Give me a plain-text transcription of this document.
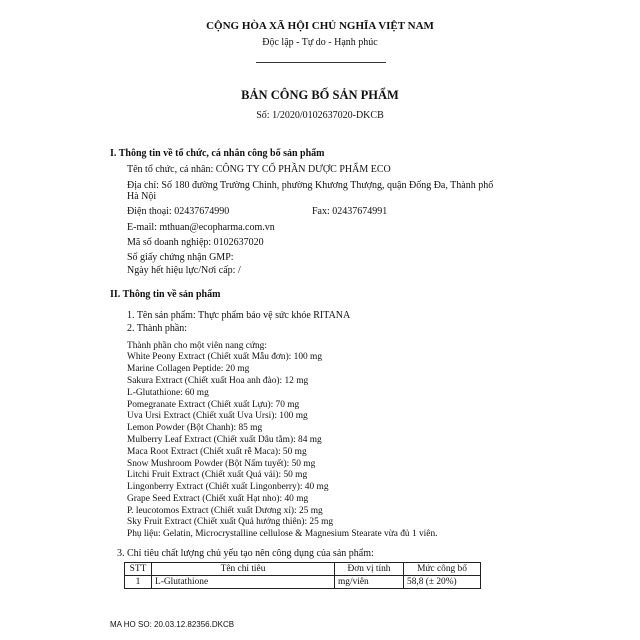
CỘNG HÒA XÃ HỘI CHỦ NGHĨA VIỆT NAM
Độc lập - Tự do - Hạnh phúc
BẢN CÔNG BỐ SẢN PHẨM
Số: 1/2020/0102637020-DKCB
I. Thông tin về tổ chức, cá nhân công bố sản phẩm
Tên tổ chức, cá nhân: CÔNG TY CỔ PHẦN DƯỢC PHẨM ECO
Địa chỉ: Số 180 đường Trường Chinh, phường Khương Thượng, quận Đống Đa, Thành phố
Hà Nội
Điện thoại: 02437674990	Fax: 02437674991
E-mail: mthuan@ecopharma.com.vn
Mã số doanh nghiệp: 0102637020
Số giấy chứng nhận GMP:
Ngày hết hiệu lực/Nơi cấp: /
II. Thông tin về sản phẩm
1. Tên sản phẩm: Thực phẩm bảo vệ sức khỏe RITANA
2. Thành phần:
Thành phần cho một viên nang cứng:
White Peony Extract (Chiết xuất Mẫu đơn): 100 mg
Marine Collagen Peptide: 20 mg
Sakura Extract (Chiết xuất Hoa anh đào): 12 mg
L-Glutathione: 60 mg
Pomegranate Extract (Chiết xuất Lựu): 70 mg
Uva Ursi Extract (Chiết xuất Uva Ursi): 100 mg
Lemon Powder (Bột Chanh): 85 mg
Mulberry Leaf Extract (Chiết xuất Dâu tằm): 84 mg
Maca Root Extract (Chiết xuất rễ Maca): 50 mg
Snow Mushroom Powder (Bột Nấm tuyết): 50 mg
Litchi Fruit Extract (Chiết xuất Quả vải): 50 mg
Lingonberry Extract (Chiết xuất Lingonberry): 40 mg
Grape Seed Extract (Chiết xuất Hạt nho): 40 mg
P. leucotomos Extract (Chiết xuất Dương xỉ): 25 mg
Sky Fruit Extract (Chiết xuất Quả hướng thiên): 25 mg
Phụ liệu: Gelatin, Microcrystalline cellulose & Magnesium Stearate vừa đủ 1 viên.
3. Chỉ tiêu chất lượng chủ yếu tạo nên công dụng của sản phẩm:
STT	Tên chỉ tiêu	Đơn vị tính	Mức công bố
1	L-Glutathione	mg/viên	58,8 (± 20%)
MA HO SO: 20.03.12.82356.DKCB
